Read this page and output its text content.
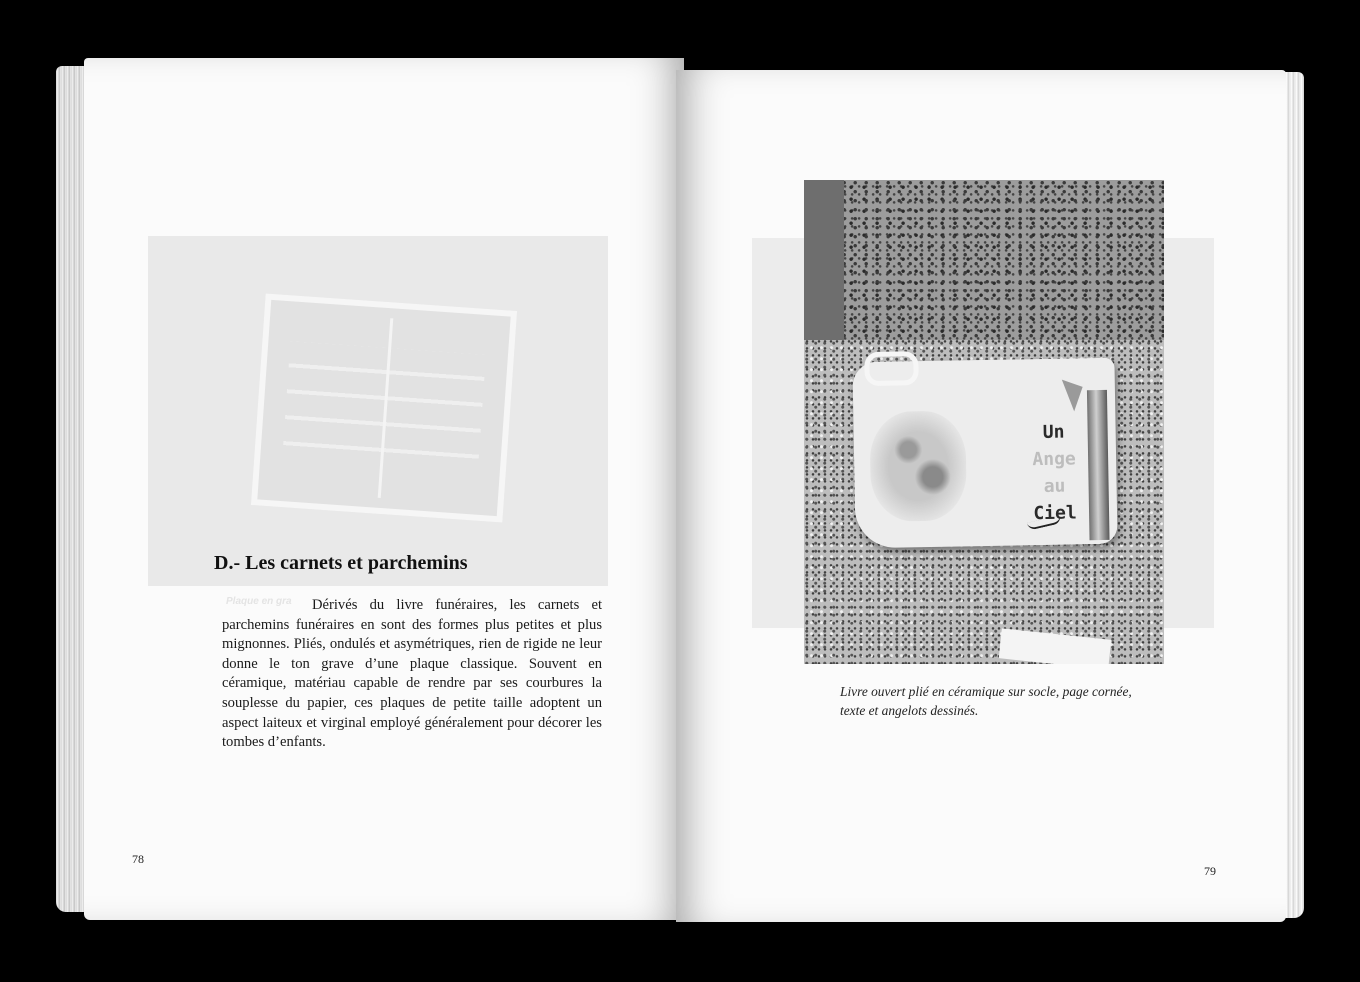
D.- Les carnets et parchemins
Plaque en gra	Dérivés du livre funéraires, les carnets et parchemins funéraires en sont des formes plus petites et plus mignonnes. Pliés, ondulés et asymétriques, rien de rigide ne leur donne le ton grave d’une plaque classique. Souvent en céramique, matériau capable de rendre par ses courbures la souplesse du papier, ces plaques de petite taille adoptent un aspect laiteux et virginal employé généralement pour décorer les tombes d’enfants.
78
Un
Ange
au
Ciel
Livre ouvert plié en céramique sur socle, page cornée, texte et angelots dessinés.
79
